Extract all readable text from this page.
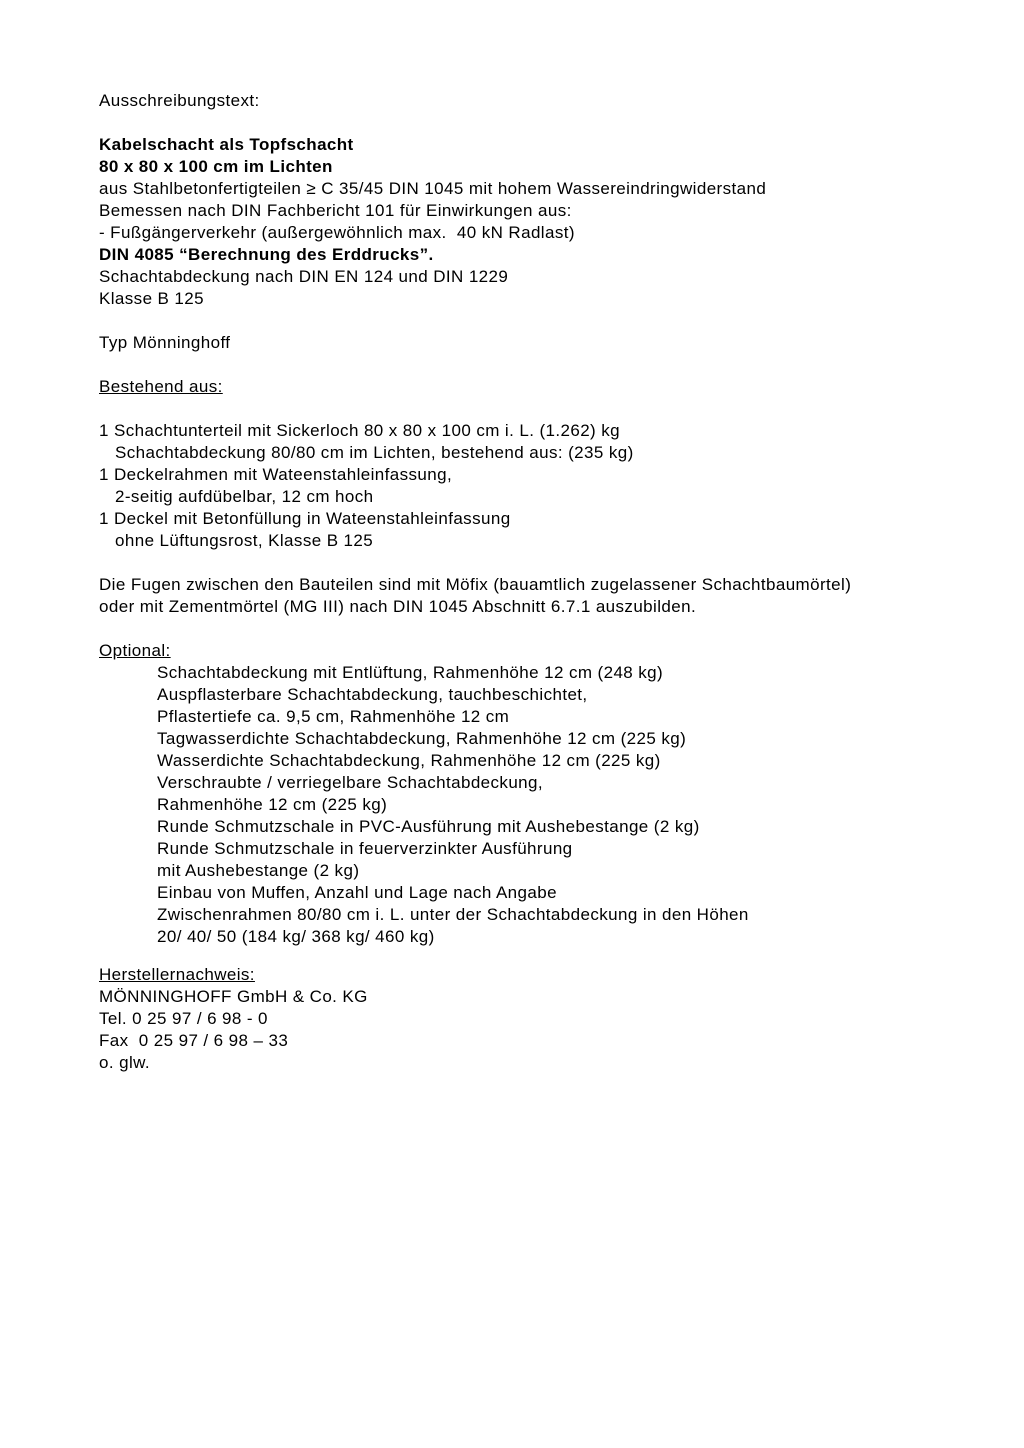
Ausschreibungstext:
Kabelschacht als Topfschacht
80 x 80 x 100 cm im Lichten
aus Stahlbetonfertigteilen ≥ C 35/45 DIN 1045 mit hohem Wassereindringwiderstand
Bemessen nach DIN Fachbericht 101 für Einwirkungen aus:
- Fußgängerverkehr (außergewöhnlich max.  40 kN Radlast)
DIN 4085 “Berechnung des Erddrucks”.
Schachtabdeckung nach DIN EN 124 und DIN 1229
Klasse B 125
Typ Mönninghoff
Bestehend aus:
1 Schachtunterteil mit Sickerloch 80 x 80 x 100 cm i. L. (1.262) kg
Schachtabdeckung 80/80 cm im Lichten, bestehend aus: (235 kg)
1 Deckelrahmen mit Wateenstahleinfassung,
2-seitig aufdübelbar, 12 cm hoch
1 Deckel mit Betonfüllung in Wateenstahleinfassung
ohne Lüftungsrost, Klasse B 125
Die Fugen zwischen den Bauteilen sind mit Möfix (bauamtlich zugelassener Schachtbaumörtel)
oder mit Zementmörtel (MG III) nach DIN 1045 Abschnitt 6.7.1 auszubilden.
Optional:
Schachtabdeckung mit Entlüftung, Rahmenhöhe 12 cm (248 kg)
Auspflasterbare Schachtabdeckung, tauchbeschichtet,
Pflastertiefe ca. 9,5 cm, Rahmenhöhe 12 cm
Tagwasserdichte Schachtabdeckung, Rahmenhöhe 12 cm (225 kg)
Wasserdichte Schachtabdeckung, Rahmenhöhe 12 cm (225 kg)
Verschraubte / verriegelbare Schachtabdeckung,
Rahmenhöhe 12 cm (225 kg)
Runde Schmutzschale in PVC-Ausführung mit Aushebestange (2 kg)
Runde Schmutzschale in feuerverzinkter Ausführung
mit Aushebestange (2 kg)
Einbau von Muffen, Anzahl und Lage nach Angabe
Zwischenrahmen 80/80 cm i. L. unter der Schachtabdeckung in den Höhen
20/ 40/ 50 (184 kg/ 368 kg/ 460 kg)
Herstellernachweis:
MÖNNINGHOFF GmbH & Co. KG
Tel. 0 25 97 / 6 98 - 0
Fax  0 25 97 / 6 98 – 33
o. glw.
